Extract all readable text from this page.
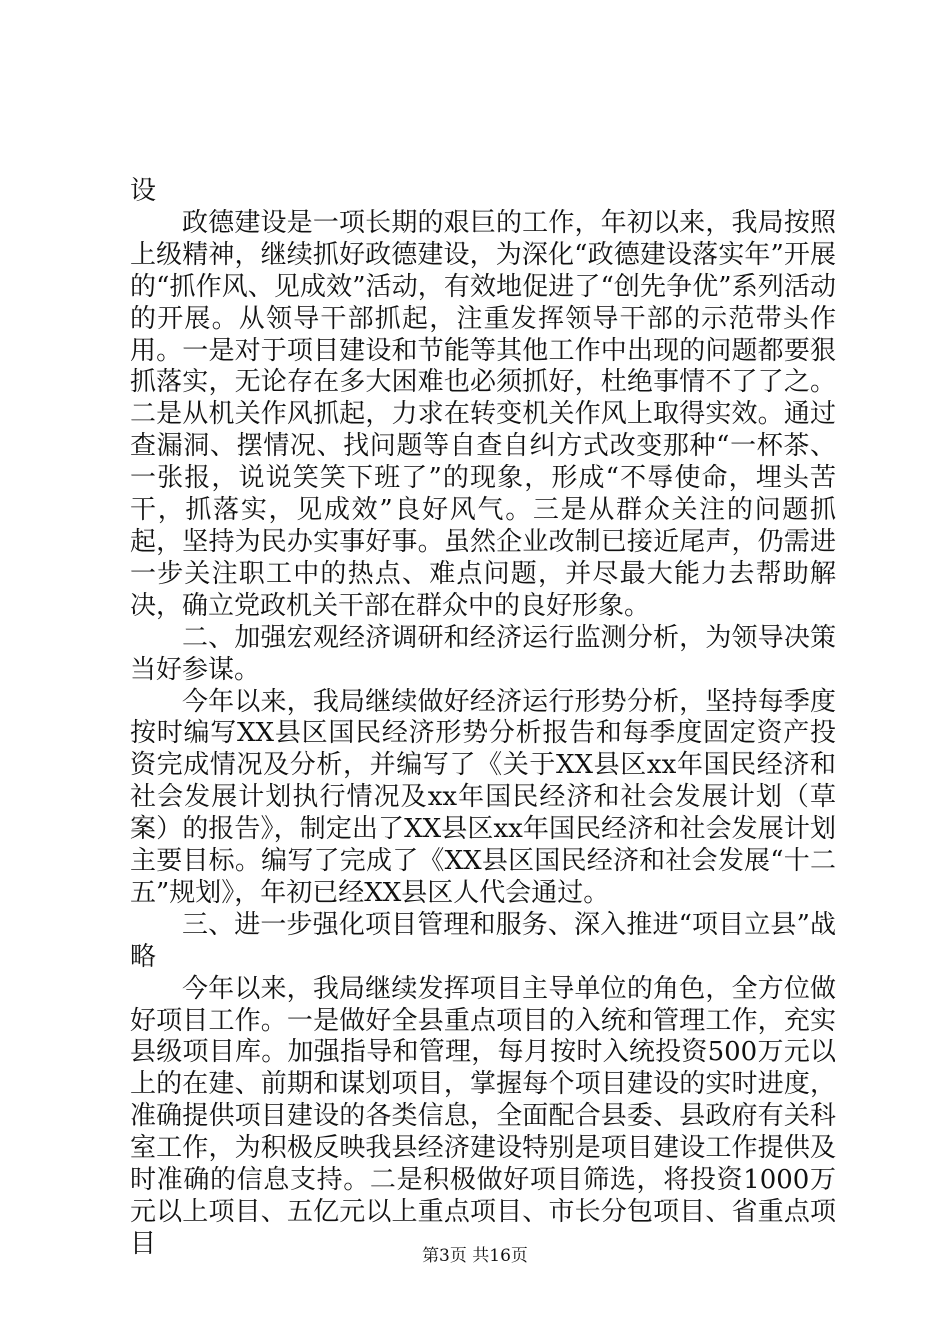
设

政德建设是一项长期的艰巨的工作，年初以来，我局按照上级精神，继续抓好政德建设，为深化“政德建设落实年”开展的“抓作风、见成效”活动，有效地促进了“创先争优”系列活动的开展。从领导干部抓起，注重发挥领导干部的示范带头作用。一是对于项目建设和节能等其他工作中出现的问题都要狠抓落实，无论存在多大困难也必须抓好，杜绝事情不了了之。二是从机关作风抓起，力求在转变机关作风上取得实效。通过查漏洞、摆情况、找问题等自查自纠方式改变那种“一杯茶、一张报，说说笑笑下班了”的现象，形成“不辱使命，埋头苦干，抓落实，见成效”良好风气。三是从群众关注的问题抓起，坚持为民办实事好事。虽然企业改制已接近尾声，仍需进一步关注职工中的热点、难点问题，并尽最大能力去帮助解决，确立党政机关干部在群众中的良好形象。

二、加强宏观经济调研和经济运行监测分析，为领导决策当好参谋。

今年以来，我局继续做好经济运行形势分析，坚持每季度按时编写XX县区国民经济形势分析报告和每季度固定资产投资完成情况及分析，并编写了《关于XX县区xx年国民经济和社会发展计划执行情况及xx年国民经济和社会发展计划（草案）的报告》，制定出了XX县区xx年国民经济和社会发展计划主要目标。编写了完成了《XX县区国民经济和社会发展“十二五”规划》，年初已经XX县区人代会通过。

三、进一步强化项目管理和服务、深入推进“项目立县”战略

今年以来，我局继续发挥项目主导单位的角色，全方位做好项目工作。一是做好全县重点项目的入统和管理工作，充实县级项目库。加强指导和管理，每月按时入统投资500万元以上的在建、前期和谋划项目，掌握每个项目建设的实时进度，准确提供项目建设的各类信息，全面配合县委、县政府有关科室工作，为积极反映我县经济建设特别是项目建设工作提供及时准确的信息支持。二是积极做好项目筛选，将投资1000万元以上项目、五亿元以上重点项目、市长分包项目、省重点项目	第3页 共16页
